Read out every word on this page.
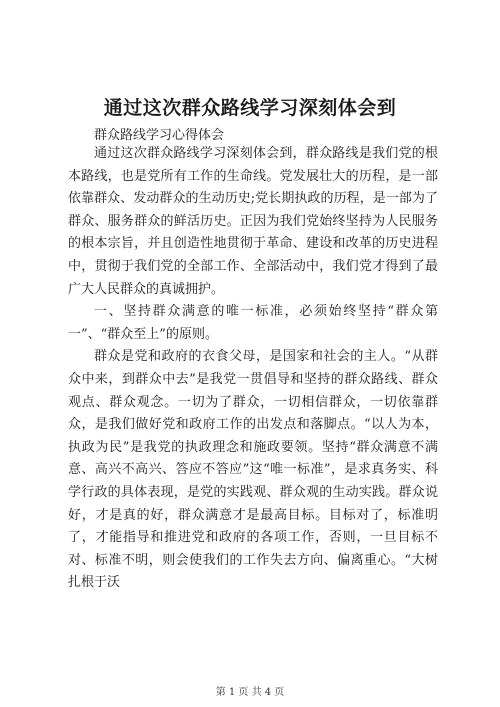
通过这次群众路线学习深刻体会到
群众路线学习心得体会

通过这次群众路线学习深刻体会到，群众路线是我们党的根本路线，也是党所有工作的生命线。党发展壮大的历程，是一部依靠群众、发动群众的生动历史;党长期执政的历程，是一部为了群众、服务群众的鲜活历史。正因为我们党始终坚持为人民服务的根本宗旨，并且创造性地贯彻于革命、建设和改革的历史进程中，贯彻于我们党的全部工作、全部活动中，我们党才得到了最广大人民群众的真诚拥护。

一、坚持群众满意的唯一标准，必须始终坚持“群众第一”、“群众至上”的原则。

群众是党和政府的衣食父母，是国家和社会的主人。“从群众中来，到群众中去”是我党一贯倡导和坚持的群众路线、群众观点、群众观念。一切为了群众，一切相信群众，一切依靠群众，是我们做好党和政府工作的出发点和落脚点。“以人为本，执政为民”是我党的执政理念和施政要领。坚持“群众满意不满意、高兴不高兴、答应不答应”这“唯一标准”，是求真务实、科学行政的具体表现，是党的实践观、群众观的生动实践。群众说好，才是真的好，群众满意才是最高目标。目标对了，标准明了，才能指导和推进党和政府的各项工作，否则，一旦目标不对、标准不明，则会使我们的工作失去方向、偏离重心。“大树扎根于沃

第 1 页 共 4 页
